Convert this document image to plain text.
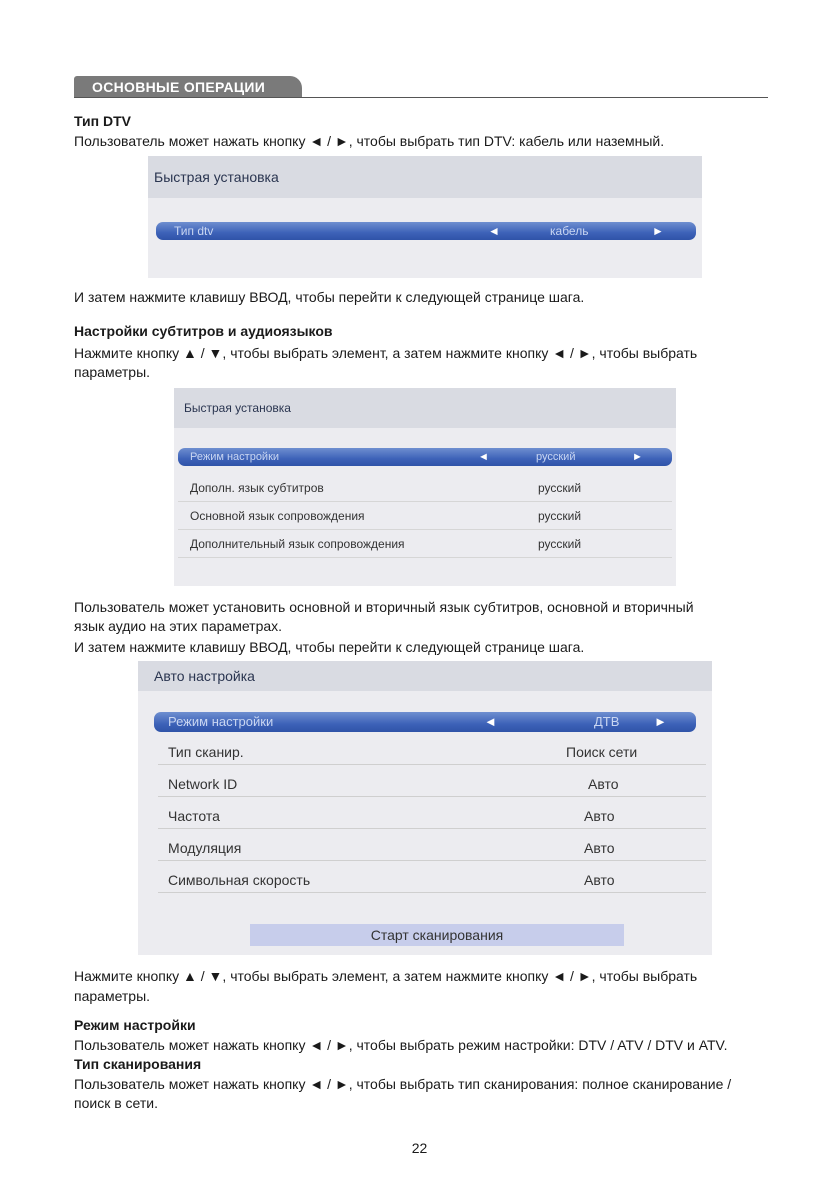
ОСНОВНЫЕ ОПЕРАЦИИ
Тип DTV
Пользователь может нажать кнопку ◄ / ►, чтобы выбрать тип DTV: кабель или наземный.
Быстрая установка
Тип dtv	◄	кабель	►
И затем нажмите клавишу ВВОД, чтобы перейти к следующей странице шага.
Настройки субтитров и аудиоязыков
Нажмите кнопку ▲ / ▼, чтобы выбрать элемент, а затем нажмите кнопку ◄ / ►, чтобы выбрать
параметры.
Быстрая установка
Режим настройки	◄	русский	►
Дополн. язык субтитров	русский
Основной язык сопровождения	русский
Дополнительный язык сопровождения	русский
Пользователь может установить основной и вторичный язык субтитров, основной и вторичный
язык аудио на этих параметрах.
И затем нажмите клавишу ВВОД, чтобы перейти к следующей странице шага.
Авто настройка
Режим настройки	◄	ДТВ	►
Тип сканир.	Поиск сети
Network ID	Авто
Частота	Авто
Модуляция	Авто
Символьная скорость	Авто
Старт сканирования
Нажмите кнопку ▲ / ▼, чтобы выбрать элемент, а затем нажмите кнопку ◄ / ►, чтобы выбрать
параметры.
Режим настройки
Пользователь может нажать кнопку ◄ / ►, чтобы выбрать режим настройки: DTV / ATV / DTV и ATV.
Тип сканирования
Пользователь может нажать кнопку ◄ / ►, чтобы выбрать тип сканирования: полное сканирование /
поиск в сети.
22
